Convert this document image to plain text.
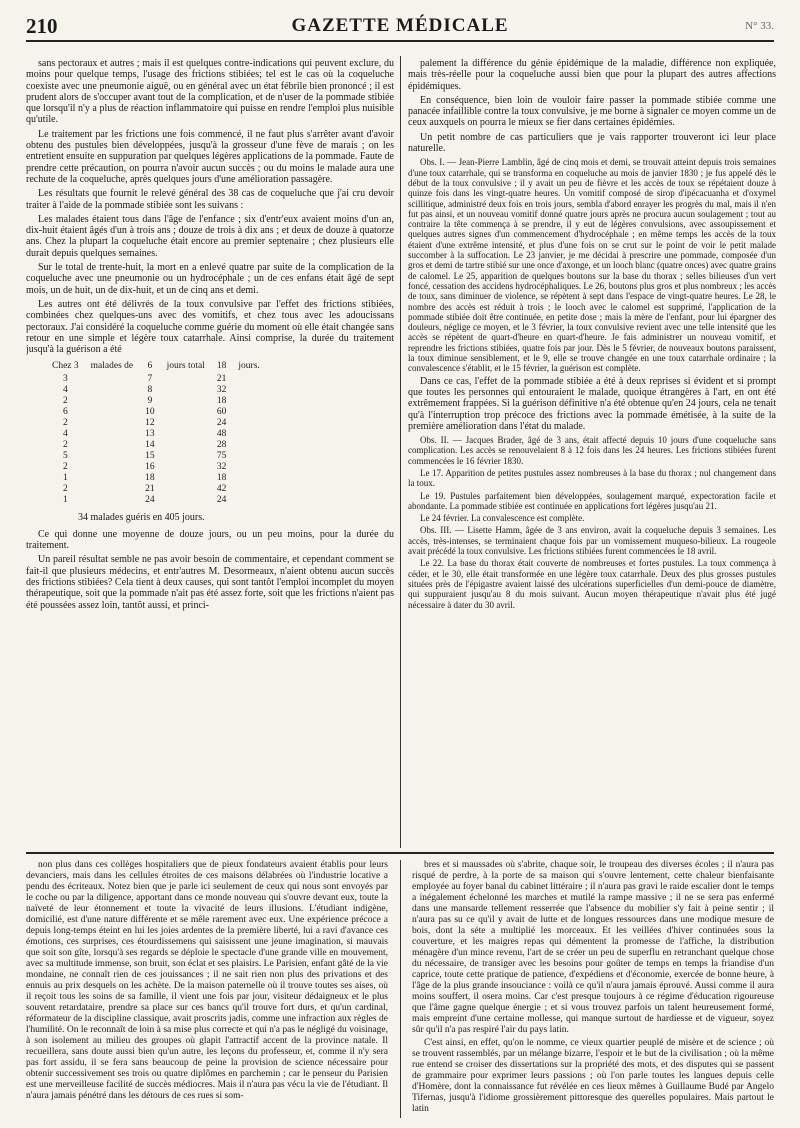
210	GAZETTE MÉDICALE	N° 33.

sans pectoraux et autres ; mais il est quelques contre-indications qui peuvent exclure, du moins pour quelque temps, l'usage des frictions stibiées; tel est le cas où la coqueluche coexiste avec une pneumonie aiguë, ou en général avec un état fébrile bien prononcé ; il est prudent alors de s'occuper avant tout de la complication, et de n'user de la pommade stibiée que lorsqu'il n'y a plus de réaction inflammatoire qui puisse en rendre l'emploi plus nuisible qu'utile.

Le traitement par les frictions une fois commencé, il ne faut plus s'arrêter avant d'avoir obtenu des pustules bien développées, jusqu'à la grosseur d'une fève de marais ; on les entretient ensuite en suppuration par quelques légères applications de la pommade. Faute de prendre cette précaution, on pourra n'avoir aucun succès ; ou du moins le malade aura une rechute de la coqueluche, après quelques jours d'une amélioration passagère.

Les résultats que fournit le relevé général des 38 cas de coqueluche que j'ai cru devoir traiter à l'aide de la pommade stibiée sont les suivans :

Les malades étaient tous dans l'âge de l'enfance ; six d'entr'eux avaient moins d'un an, dix-huit étaient âgés d'un à trois ans ; douze de trois à dix ans ; et deux de douze à quatorze ans. Chez la plupart la coqueluche était encore au premier septenaire ; chez plusieurs elle durait depuis quelques semaines.

Sur le total de trente-huit, la mort en a enlevé quatre par suite de la complication de la coqueluche avec une pneumonie ou un hydrocéphale ; un de ces enfans était âgé de sept mois, un de huit, un de dix-huit, et un de cinq ans et demi.

Les autres ont été délivrés de la toux convulsive par l'effet des frictions stibiées, combinées chez quelques-uns avec des vomitifs, et chez tous avec les adoucissans pectoraux. J'ai considéré la coqueluche comme guérie du moment où elle était changée sans retour en une simple et légère toux catarrhale. Ainsi comprise, la durée du traitement jusqu'à la guérison a été

Chez 3	malades de	6	jours total	18	jours.
3		7		21	
4		8		32	
2		9		18	
6		10		60	
2		12		24	
4		13		48	
2		14		28	
5		15		75	
2		16		32	
1		18		18	
2		21		42	
1		24		24	
34 malades guéris en 405 jours.

Ce qui donne une moyenne de douze jours, ou un peu moins, pour la durée du traitement.

Un pareil résultat semble ne pas avoir besoin de commentaire, et cependant comment se fait-il que plusieurs médecins, et entr'autres M. Desormeaux, n'aient obtenu aucun succès des frictions stibiées? Cela tient à deux causes, qui sont tantôt l'emploi incomplet du moyen thérapeutique, soit que la pommade n'ait pas été assez forte, soit que les frictions n'aient pas été poussées assez loin, tantôt aussi, et princi-

palement la différence du génie épidémique de la maladie, différence non expliquée, mais très-réelle pour la coqueluche aussi bien que pour la plupart des autres affections épidémiques.

En conséquence, bien loin de vouloir faire passer la pommade stibiée comme une panacée infaillible contre la toux convulsive, je me borne à signaler ce moyen comme un de ceux auxquels on pourra le mieux se fier dans certaines épidémies.

Un petit nombre de cas particuliers que je vais rapporter trouveront ici leur place naturelle.

Obs. I. — Jean-Pierre Lamblin, âgé de cinq mois et demi, se trouvait atteint depuis trois semaines d'une toux catarrhale, qui se transforma en coqueluche au mois de janvier 1830 ; je fus appelé dès le début de la toux convulsive ; il y avait un peu de fièvre et les accès de toux se répétaient douze à quinze fois dans les vingt-quatre heures. Un vomitif composé de sirop d'ipécacuanha et d'oxymel scillitique, administré deux fois en trois jours, sembla d'abord enrayer les progrès du mal, mais il n'en fut pas ainsi, et un nouveau vomitif donné quatre jours après ne procura aucun soulagement ; tout au contraire la tête commença à se prendre, il y eut de légères convulsions, avec assoupissement et quelques autres signes d'un commencement d'hydrocéphale ; en même temps les accès de la toux étaient d'une extrême intensité, et plus d'une fois on se crut sur le point de voir le petit malade succomber à la suffocation. Le 23 janvier, je me décidai à prescrire une pommade, composée d'un gros et demi de tartre stibié sur une once d'axonge, et un looch blanc (quatre onces) avec quatre grains de calomel. Le 25, apparition de quelques boutons sur la base du thorax ; selles bilieuses d'un vert foncé, cessation des accidens hydrocéphaliques. Le 26, boutons plus gros et plus nombreux ; les accès de toux, sans diminuer de violence, se répètent à sept dans l'espace de vingt-quatre heures. Le 28, le nombre des accès est réduit à trois ; le looch avec le calomel est supprimé, l'application de la pommade stibiée doit être continuée, en petite dose ; mais la mère de l'enfant, pour lui épargner des douleurs, néglige ce moyen, et le 3 février, la toux convulsive revient avec une telle intensité que les accès se répètent de quart-d'heure en quart-d'heure. Je fais administrer un nouveau vomitif, et reprendre les frictions stibiées, quatre fois par jour. Dès le 5 février, de nouveaux boutons paraissent, la toux diminue sensiblement, et le 9, elle se trouve changée en une toux catarrhale ordinaire ; la convalescence s'établit, et le 15 février, la guérison est complète.

Dans ce cas, l'effet de la pommade stibiée a été à deux reprises si évident et si prompt que toutes les personnes qui entouraient le malade, quoique étrangères à l'art, en ont été extrêmement frappées. Si la guérison définitive n'a été obtenue qu'en 24 jours, cela ne tenait qu'à l'interruption trop précoce des frictions avec la pommade émétisée, à la suite de la première amélioration dans l'état du malade.

Obs. II. — Jacques Brader, âgé de 3 ans, était affecté depuis 10 jours d'une coqueluche sans complication. Les accès se renouvelaient 8 à 12 fois dans les 24 heures. Les frictions stibiées furent commencées le 16 février 1830.

Le 17. Apparition de petites pustules assez nombreuses à la base du thorax ; nul changement dans la toux.

Le 19. Pustules parfaitement bien développées, soulagement marqué, expectoration facile et abondante. La pommade stibiée est continuée en applications fort légères jusqu'au 21.

Le 24 février. La convalescence est complète.

Obs. III. — Lisette Hamm, âgée de 3 ans environ, avait la coqueluche depuis 3 semaines. Les accès, très-intenses, se terminaient chaque fois par un vomissement muqueso-bilieux. La rougeole avait précédé la toux convulsive. Les frictions stibiées furent commencées le 18 avril.

Le 22. La base du thorax était couverte de nombreuses et fortes pustules. La toux commença à céder, et le 30, elle était transformée en une légère toux catarrhale. Deux des plus grosses pustules situées près de l'épigastre avaient laissé des ulcérations superficielles d'un demi-pouce de diamètre, qui suppuraient jusqu'au 8 du mois suivant. Aucun moyen thérapeutique n'avait plus été jugé nécessaire à dater du 30 avril.

non plus dans ces collèges hospitaliers que de pieux fondateurs avaient établis pour leurs devanciers, mais dans les cellules étroites de ces maisons délabrées où l'industrie locative a pendu des écriteaux. Notez bien que je parle ici seulement de ceux qui nous sont envoyés par le coche ou par la diligence, apportant dans ce monde nouveau qui s'ouvre devant eux, toute la naïveté de leur étonnement et toute la vivacité de leurs illusions. L'étudiant indigène, domicilié, est d'une nature différente et se mêle rarement avec eux. Une expérience précoce a depuis long-temps éteint en lui les joies ardentes de la première liberté, lui a ravi d'avance ces émotions, ces surprises, ces étourdissemens qui saisissent une jeune imagination, si mauvais que soit son gîte, lorsqu'à ses regards se déploie le spectacle d'une grande ville en mouvement, avec sa multitude immense, son bruit, son éclat et ses plaisirs. Le Parisien, enfant gâté de la vie mondaine, ne connaît rien de ces jouissances ; il ne sait rien non plus des privations et des ennuis au prix desquels on les achète. De la maison paternelle où il trouve toutes ses aises, où il reçoit tous les soins de sa famille, il vient une fois par jour, visiteur dédaigneux et le plus souvent retardataire, prendre sa place sur ces bancs qu'il trouve fort durs, et qu'un cardinal, réformateur de la discipline classique, avait proscrits jadis, comme une infraction aux règles de l'humilité. On le reconnaît de loin à sa mise plus correcte et qui n'a pas le négligé du voisinage, à son isolement au milieu des groupes où glapit l'attractif accent de la province natale. Il recueillera, sans doute aussi bien qu'un autre, les leçons du professeur, et, comme il n'y sera pas fort assidu, il se fera sans beaucoup de peine la provision de science nécessaire pour obtenir successivement ses trois ou quatre diplômes en parchemin ; car le penseur du Parisien est une merveilleuse facilité de succès médiocres. Mais il n'aura pas vécu la vie de l'étudiant. Il n'aura jamais pénétré dans les détours de ces rues si som-

bres et si maussades où s'abrite, chaque soir, le troupeau des diverses écoles ; il n'aura pas risqué de perdre, à la porte de sa maison qui s'ouvre lentement, cette chaleur bienfaisante employée au foyer banal du cabinet littéraire ; il n'aura pas gravi le raide escalier dont le temps a inégalement échelonné les marches et mutilé la rampe massive ; il ne se sera pas enfermé dans une mansarde tellement resserrée que l'absence du mobilier s'y fait à peine sentir ; il n'aura pas su ce qu'il y avait de lutte et de longues ressources dans une modique mesure de bois, dont la séte a multiplié les morceaux. Et les veillées d'hiver continuées sous la couverture, et les maigres repas qui démentent la promesse de l'affiche, la distribution ménagère d'un mince revenu, l'art de se créer un peu de superflu en retranchant quelque chose du nécessaire, de transiger avec les besoins pour goûter de temps en temps la friandise d'un caprice, toute cette pratique de patience, d'expédiens et d'économie, exercée de bonne heure, à l'âge de la plus grande insouciance : voilà ce qu'il n'aura jamais éprouvé. Aussi comme il aura moins souffert, il osera moins. Car c'est presque toujours à ce régime d'éducation rigoureuse que l'âme gagne quelque énergie ; et si vous trouvez parfois un talent heureusement formé, mais empreint d'une certaine mollesse, qui manque surtout de hardiesse et de vigueur, soyez sûr qu'il n'a pas respiré l'air du pays latin.

C'est ainsi, en effet, qu'on le nomme, ce vieux quartier peuplé de misère et de science ; où se trouvent rassemblés, par un mélange bizarre, l'espoir et le but de la civilisation ; où la même rue entend se croiser des dissertations sur la propriété des mots, et des disputes qui se passent de grammaire pour exprimer leurs passions ; où l'on parle toutes les langues depuis celle d'Homère, dont la connaissance fut révélée en ces lieux mêmes à Guillaume Budé par Angelo Tifernas, jusqu'à l'idiome grossièrement pittoresque des querelles populaires. Mais partout le latin
